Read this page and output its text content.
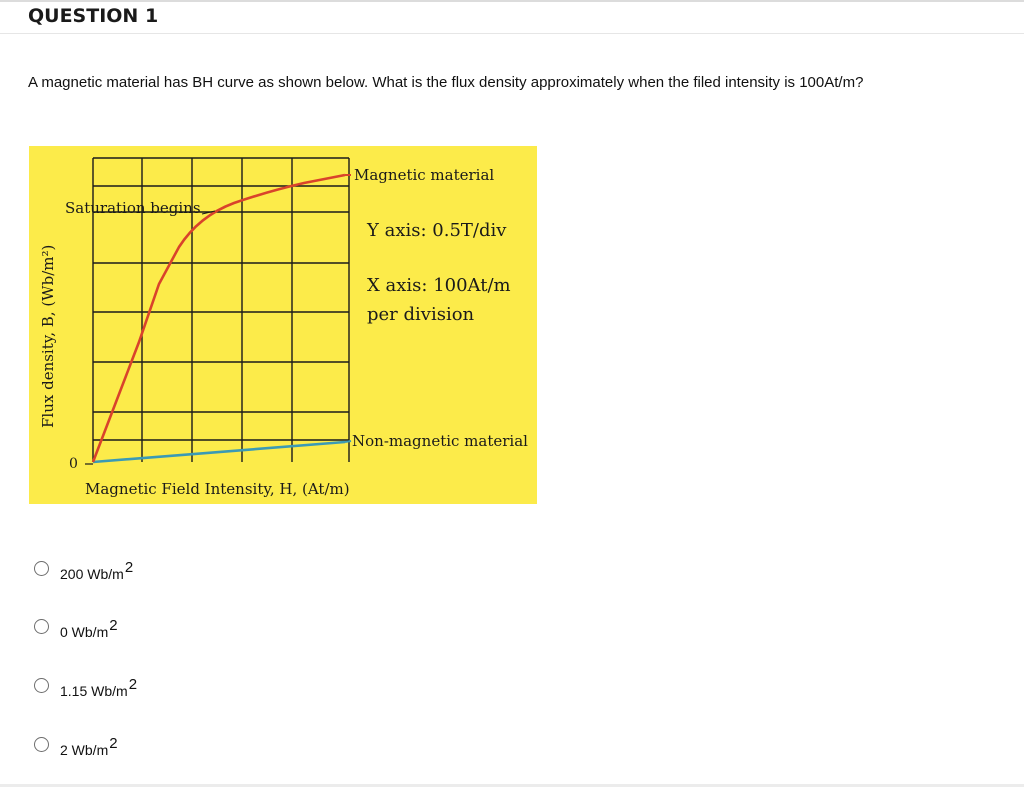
QUESTION 1
A magnetic material has BH curve as shown below. What is the flux density approximately when the filed intensity is 100At/m?
Saturation begins
Magnetic material
Y axis: 0.5T/div
X axis: 100At/m
per division
Non-magnetic material
0
Magnetic Field Intensity, H, (At/m)
Flux density, B, (Wb/m²)
200 $Wb/m^2$
0 $Wb/m^2$
1.15 $Wb/m^2$
2 $Wb/m^2$
